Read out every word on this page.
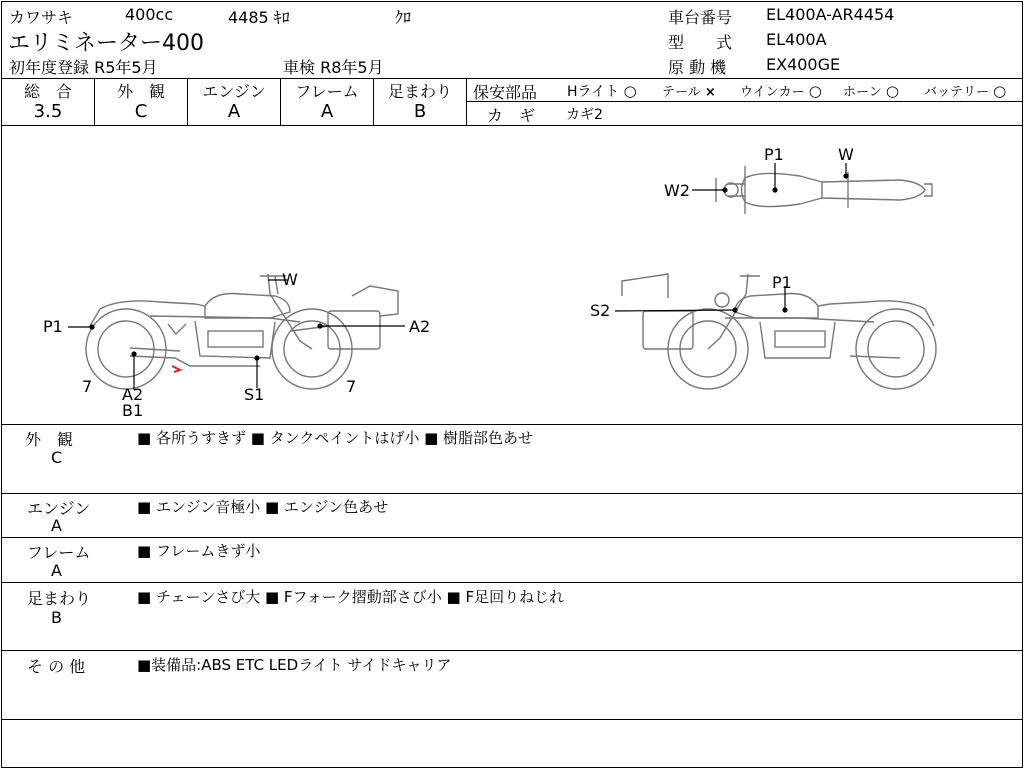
カワサキ	400cc	4485 ｷﾛ	ｸﾛ
エリミネーター400
初年度登録 R5年5月	車検 R8年5月
車台番号 EL400A-AR4454
型　　式 EL400A
原 動 機 EX400GE
総　合
3.5
外　観
C
エンジン
A
フレーム
A
足まわり
B
保安部品 Hライト ○ テール × ウインカー ○ ホーン ○ バッテリー ○
カ　ギ カギ2
P1	W
W2
W
P1	A2
7 A2
B1
S1	7
P1
S2
外　観
C
■ 各所うすきず ■ タンクペイントはげ小 ■ 樹脂部色あせ
エンジン
A
■ エンジン音極小 ■ エンジン色あせ
フレーム
A
■ フレームきず小
足まわり
B
■ チェーンさび大 ■ Fフォーク摺動部さび小 ■ F足回りねじれ
そ の 他	■装備品:ABS ETC LEDライト サイドキャリア
